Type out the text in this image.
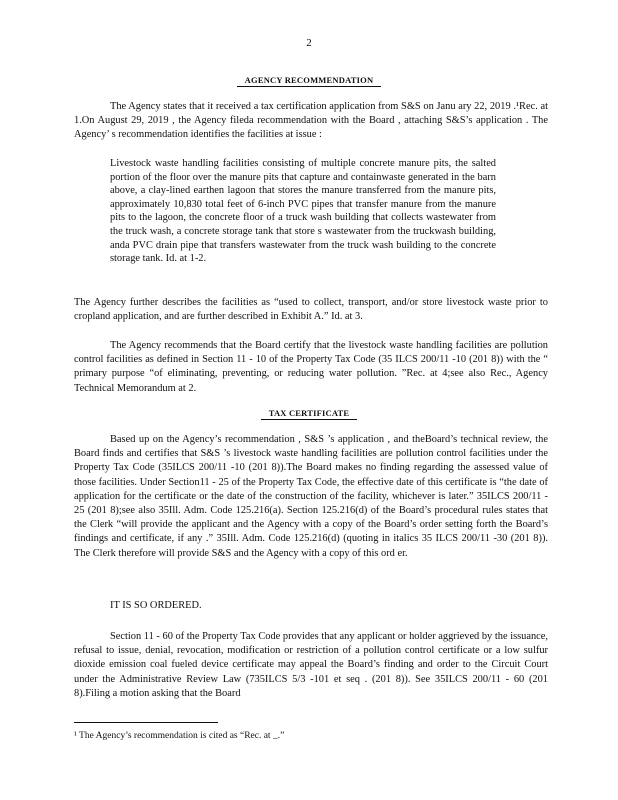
2
AGENCY RECOMMENDATION

The Agency states that it received a tax certification application from S&S on Janu ary 22, 2019 .¹Rec. at 1.On August 29, 2019 , the Agency fileda recommendation with the Board , attaching S&S’s application . The Agency’ s recommendation identifies the facilities at issue :

Livestock waste handling facilities consisting of multiple concrete manure pits, the salted portion of the floor over the manure pits that capture and containwaste generated in the barn above, a clay-lined earthen lagoon that stores the manure transferred from the manure pits, approximately 10,830 total feet of 6-inch PVC pipes that transfer manure from the manure pits to the lagoon, the concrete floor of a truck wash building that collects wastewater from the truck wash, a concrete storage tank that store s wastewater from the truckwash building, anda PVC drain pipe that transfers wastewater from the truck wash building to the concrete storage tank. Id. at 1-2.

The Agency further describes the facilities as “used to collect, transport, and/or store livestock waste prior to cropland application, and are further described in Exhibit A.” Id. at 3.

The Agency recommends that the Board certify that the livestock waste handling facilities are pollution control facilities as defined in Section 11 - 10 of the Property Tax Code (35 ILCS 200/11 -10 (201 8)) with the “ primary purpose “of eliminating, preventing, or reducing water pollution. ”Rec. at 4;see also Rec., Agency Technical Memorandum at 2.

TAX CERTIFICATE

Based up on the Agency’s recommendation , S&S ’s application , and theBoard’s technical review, the Board finds and certifies that S&S ’s livestock waste handling facilities are pollution control facilities under the Property Tax Code (35ILCS 200/11 -10 (201 8)).The Board makes no finding regarding the assessed value of those facilities. Under Section11 - 25 of the Property Tax Code, the effective date of this certificate is “the date of application for the certificate or the date of the construction of the facility, whichever is later.” 35ILCS 200/11 - 25 (201 8);see also 35Ill. Adm. Code 125.216(a). Section 125.216(d) of the Board’s procedural rules states that the Clerk “will provide the applicant and the Agency with a copy of the Board’s order setting forth the Board’s findings and certificate, if any .” 35Ill. Adm. Code 125.216(d) (quoting in italics 35 ILCS 200/11 -30 (201 8)). The Clerk therefore will provide S&S and the Agency with a copy of this ord er.

IT IS SO ORDERED.

Section 11 - 60 of the Property Tax Code provides that any applicant or holder aggrieved by the issuance, refusal to issue, denial, revocation, modification or restriction of a pollution control certificate or a low sulfur dioxide emission coal fueled device certificate may appeal the Board’s finding and order to the Circuit Court under the Administrative Review Law (735ILCS 5/3 -101 et seq . (201 8)). See 35ILCS 200/11 - 60 (201 8).Filing a motion asking that the Board

¹ The Agency’s recommendation is cited as “Rec. at _.”
